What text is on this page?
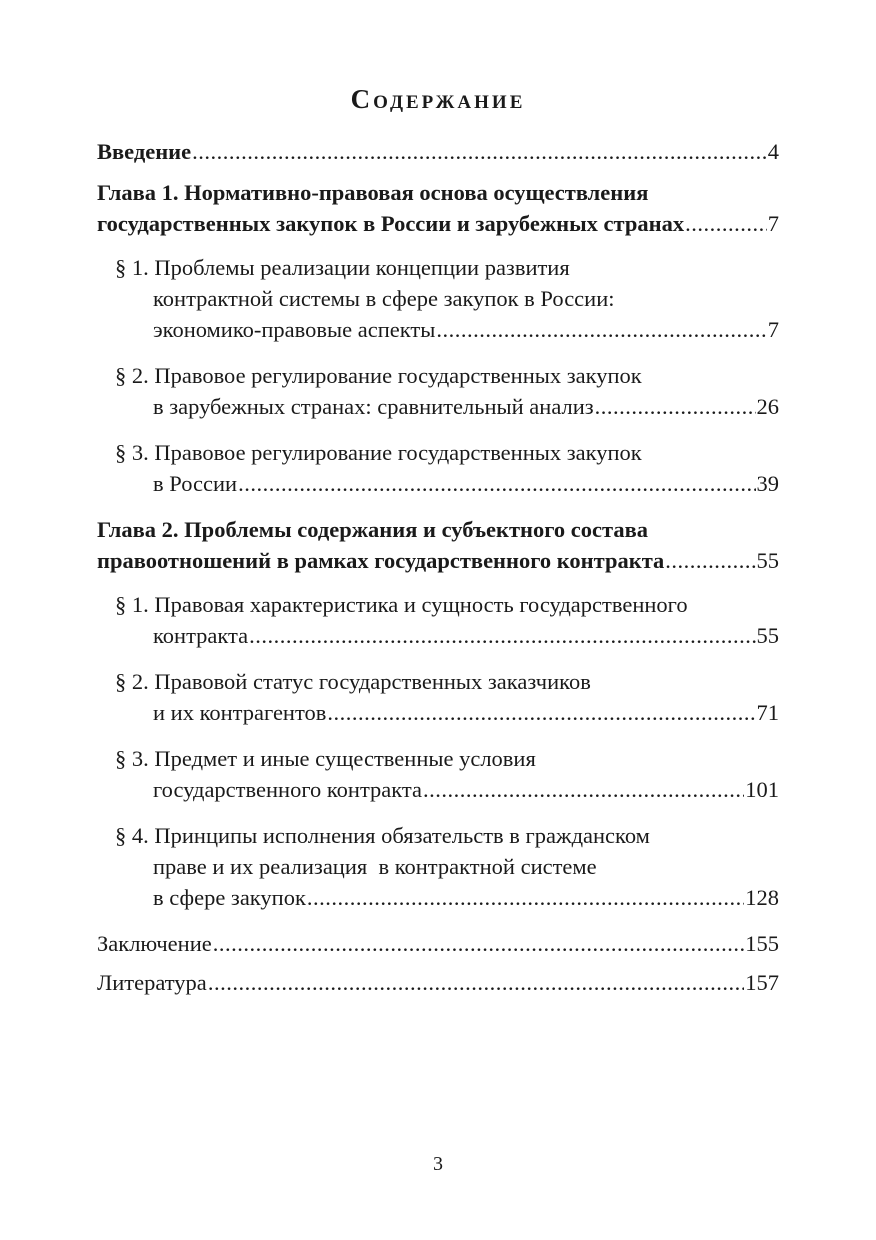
Содержание
Введение .....	4
Глава 1. Нормативно-правовая основа осуществления
государственных закупок в России и зарубежных странах .....	7
§ 1. Проблемы реализации концепции развития
контрактной системы в сфере закупок в России:
экономико-правовые аспекты .....	7
§ 2. Правовое регулирование государственных закупок
в зарубежных странах: сравнительный анализ .....	26
§ 3. Правовое регулирование государственных закупок
в России .....	39
Глава 2. Проблемы содержания и субъектного состава
правоотношений в рамках государственного контракта .....	55
§ 1. Правовая характеристика и сущность государственного
контракта .....	55
§ 2. Правовой статус государственных заказчиков
и их контрагентов .....	71
§ 3. Предмет и иные существенные условия
государственного контракта .....	101
§ 4. Принципы исполнения обязательств в гражданском
праве и их реализация  в контрактной системе
в сфере закупок .....	128
Заключение .....	155
Литература .....	157
3
